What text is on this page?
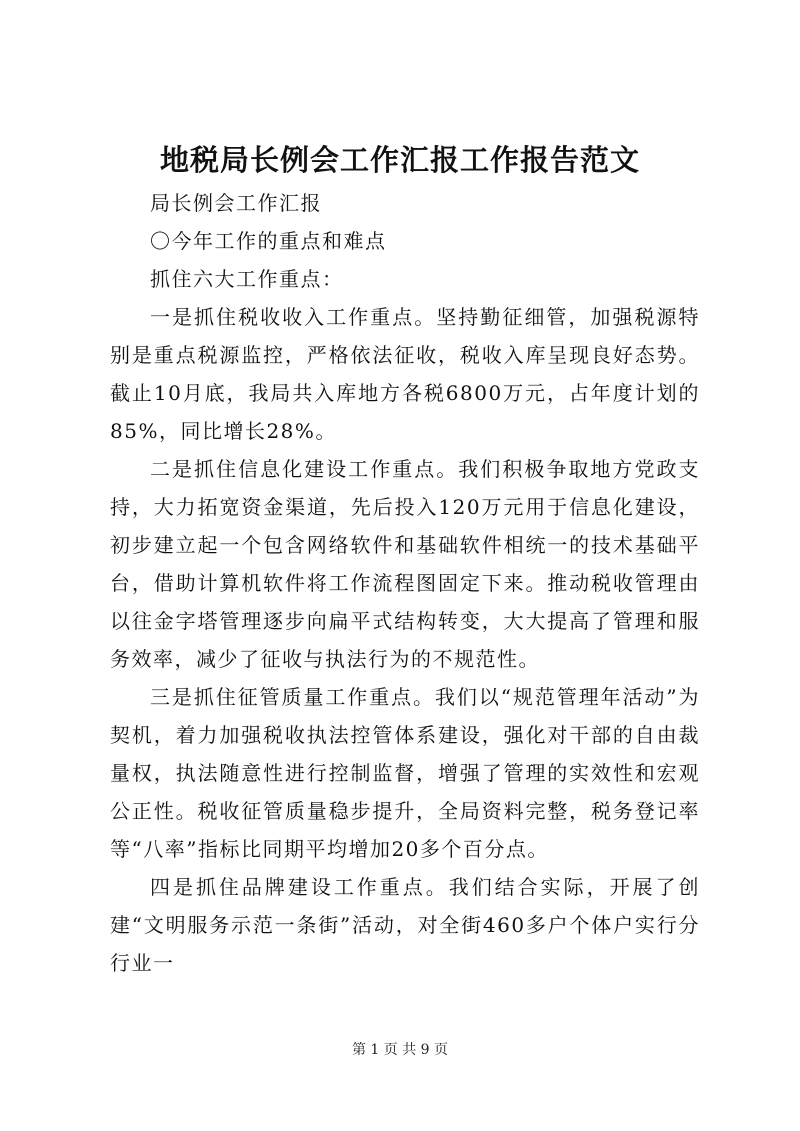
地税局长例会工作汇报工作报告范文

局长例会工作汇报

〇今年工作的重点和难点

抓住六大工作重点：

一是抓住税收收入工作重点。坚持勤征细管，加强税源特别是重点税源监控，严格依法征收，税收入库呈现良好态势。截止10月底，我局共入库地方各税6800万元，占年度计划的85%，同比增长28%。

二是抓住信息化建设工作重点。我们积极争取地方党政支持，大力拓宽资金渠道，先后投入120万元用于信息化建设，初步建立起一个包含网络软件和基础软件相统一的技术基础平台，借助计算机软件将工作流程图固定下来。推动税收管理由以往金字塔管理逐步向扁平式结构转变，大大提高了管理和服务效率，减少了征收与执法行为的不规范性。

三是抓住征管质量工作重点。我们以“规范管理年活动”为契机，着力加强税收执法控管体系建设，强化对干部的自由裁量权，执法随意性进行控制监督，增强了管理的实效性和宏观公正性。税收征管质量稳步提升，全局资料完整，税务登记率等“八率”指标比同期平均增加20多个百分点。

四是抓住品牌建设工作重点。我们结合实际，开展了创建“文明服务示范一条街”活动，对全街460多户个体户实行分行业一

第 1 页 共 9 页
